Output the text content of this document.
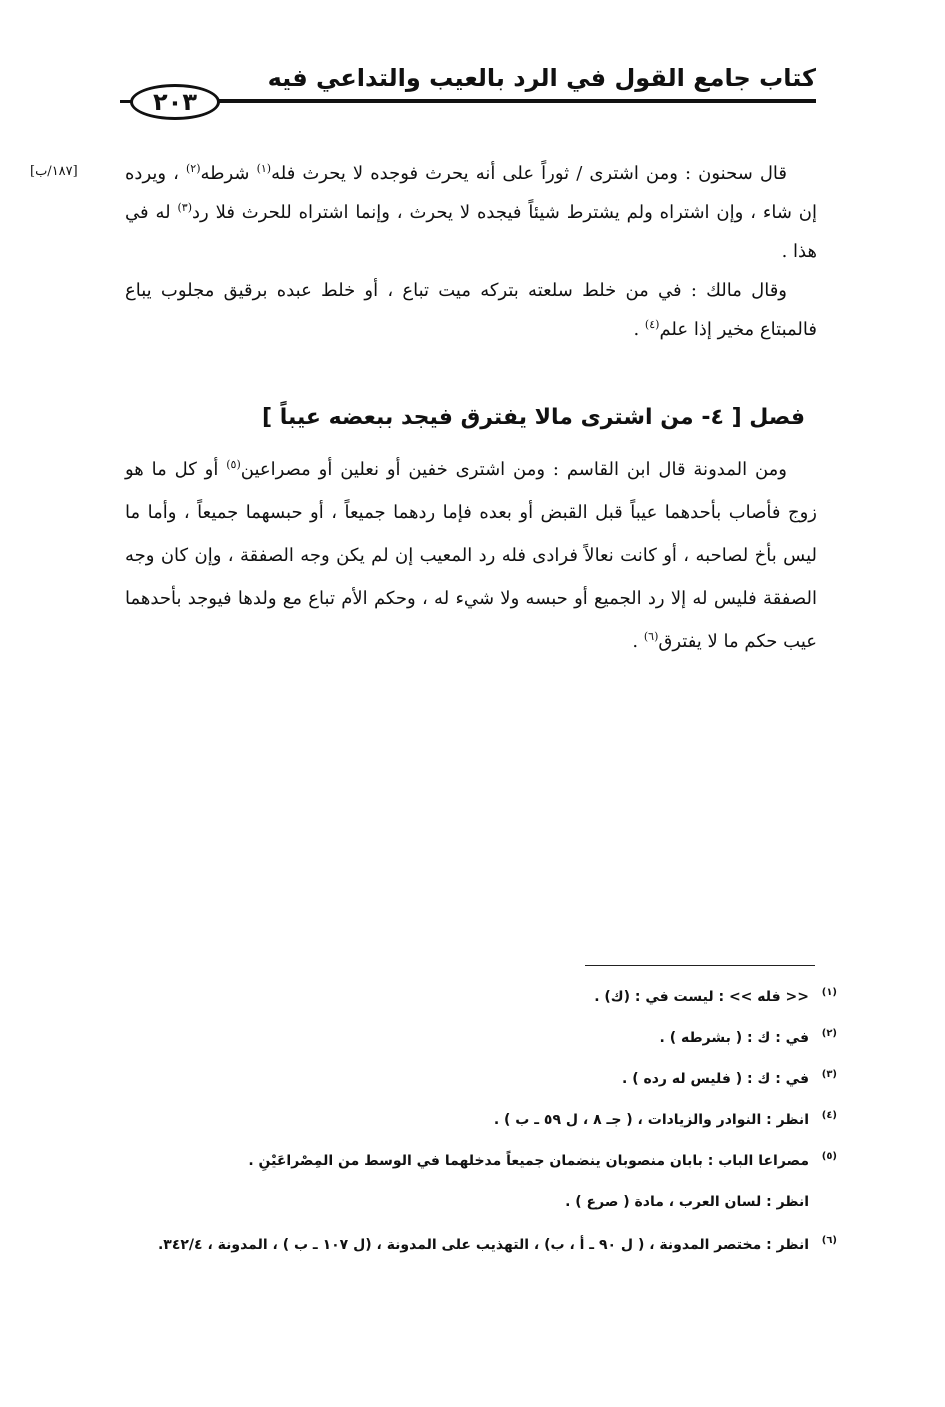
كتاب جامع القول في الرد بالعيب والتداعي فيه
٢٠٣
[١٨٧/ب]	قال سحنون : ومن اشترى / ثوراً على أنه يحرث فوجده لا يحرث فله$^{(١)}$ شرطه$^{(٢)}$ ، ويرده إن شاء ، وإن اشتراه ولم يشترط شيئاً فيجده لا يحرث ، وإنما اشتراه للحرث فلا رد$^{(٣)}$ له في هذا .

وقال مالك : في من خلط سلعته بتركه ميت تباع ، أو خلط عبده برقيق مجلوب يباع فالمبتاع مخير إذا علم$^{(٤)}$ .

فصل [ ٤- من اشترى مالا يفترق فيجد ببعضه عيباً ]

ومن المدونة قال ابن القاسم : ومن اشترى خفين أو نعلين أو مصراعين$^{(٥)}$ أو كل ما هو زوج فأصاب بأحدهما عيباً قبل القبض أو بعده فإما ردهما جميعاً ، أو حبسهما جميعاً ، وأما ما ليس بأخ لصاحبه ، أو كانت نعالاً فرادى فله رد المعيب إن لم يكن وجه الصفقة ، وإن كان وجه الصفقة فليس له إلا رد الجميع أو حبسه ولا شيء له ، وحكم الأم تباع مع ولدها فيوجد بأحدهما عيب حكم ما لا يفترق$^{(٦)}$ .

(١)
<< فله >> : ليست في : (ك) .
(٢)
في : ك : ( بشرطه ) .
(٣)
في : ك : ( فليس له رده ) .
(٤)
انظر : النوادر والزيادات ، ( جـ ٨ ، ل ٥٩ ـ ب ) .
(٥)
مصراعا الباب : بابان منصوبان ينضمان جميعاً مدخلهما في الوسط من المِصْراعَيْنِ .
انظر : لسان العرب ، مادة ( صرع ) .
(٦)
انظر : مختصر المدونة ، ( ل ٩٠ ـ أ ، ب) ، التهذيب على المدونة ، (ل ١٠٧ ـ ب ) ، المدونة ، ٣٤٢/٤.
